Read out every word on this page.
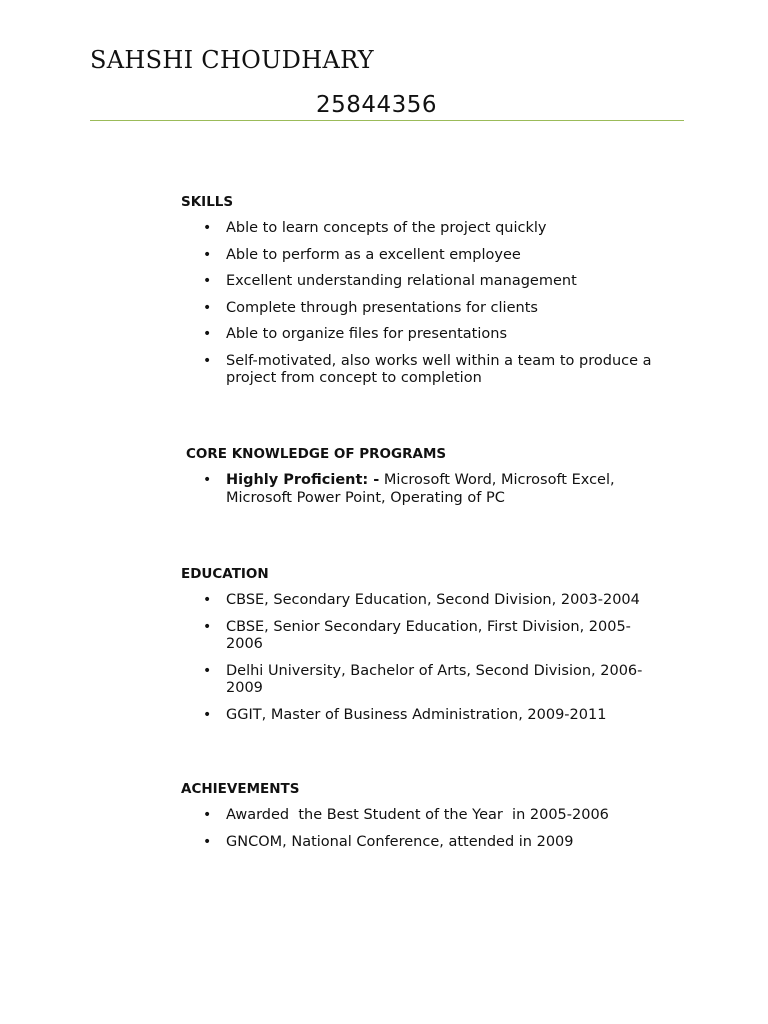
SAHSHI CHOUDHARY
25844356
SKILLS
• Able to learn concepts of the project quickly
• Able to perform as a excellent employee
• Excellent understanding relational management
• Complete through presentations for clients
• Able to organize files for presentations
• Self-motivated, also works well within a team to produce a project from concept to completion
CORE KNOWLEDGE OF PROGRAMS
• Highly Proficient: - Microsoft Word, Microsoft Excel, Microsoft Power Point, Operating of PC
EDUCATION
• CBSE, Secondary Education, Second Division, 2003-2004
• CBSE, Senior Secondary Education, First Division, 2005-2006
• Delhi University, Bachelor of Arts, Second Division, 2006-2009
• GGIT, Master of Business Administration, 2009-2011
ACHIEVEMENTS
• Awarded  the Best Student of the Year  in 2005-2006
• GNCOM, National Conference, attended in 2009
